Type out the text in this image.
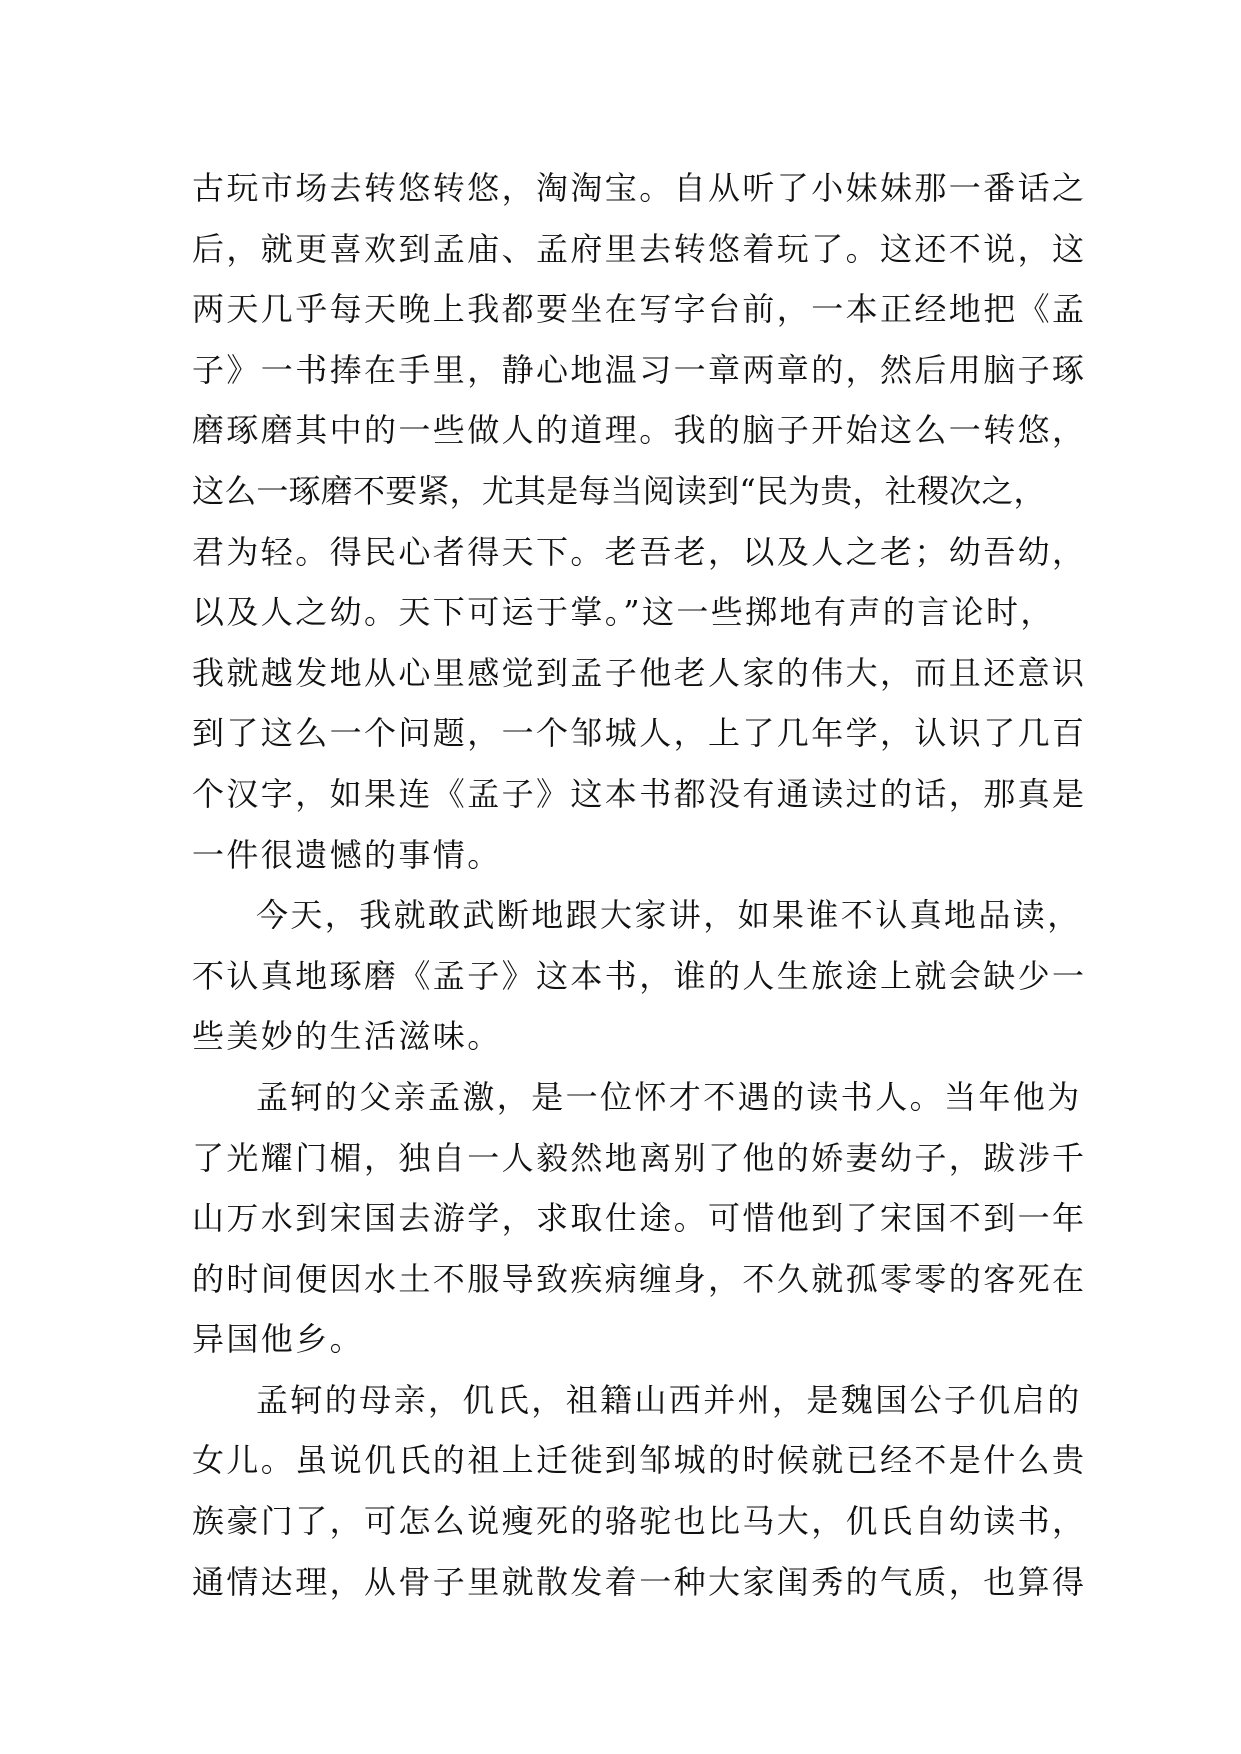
古玩市场去转悠转悠，淘淘宝。自从听了小妹妹那一番话之
后，就更喜欢到孟庙、孟府里去转悠着玩了。这还不说，这
两天几乎每天晚上我都要坐在写字台前，一本正经地把《孟
子》一书捧在手里，静心地温习一章两章的，然后用脑子琢
磨琢磨其中的一些做人的道理。我的脑子开始这么一转悠，
这么一琢磨不要紧，尤其是每当阅读到“民为贵，社稷次之，
君为轻。得民心者得天下。老吾老，以及人之老；幼吾幼，
以及人之幼。天下可运于掌。”这一些掷地有声的言论时，
我就越发地从心里感觉到孟子他老人家的伟大，而且还意识
到了这么一个问题，一个邹城人，上了几年学，认识了几百
个汉字，如果连《孟子》这本书都没有通读过的话，那真是
一件很遗憾的事情。
今天，我就敢武断地跟大家讲，如果谁不认真地品读，
不认真地琢磨《孟子》这本书，谁的人生旅途上就会缺少一
些美妙的生活滋味。
孟轲的父亲孟激，是一位怀才不遇的读书人。当年他为
了光耀门楣，独自一人毅然地离别了他的娇妻幼子，跋涉千
山万水到宋国去游学，求取仕途。可惜他到了宋国不到一年
的时间便因水土不服导致疾病缠身，不久就孤零零的客死在
异国他乡。
孟轲的母亲，仉氏，祖籍山西并州，是魏国公子仉启的
女儿。虽说仉氏的祖上迁徙到邹城的时候就已经不是什么贵
族豪门了，可怎么说瘦死的骆驼也比马大，仉氏自幼读书，
通情达理，从骨子里就散发着一种大家闺秀的气质，也算得
